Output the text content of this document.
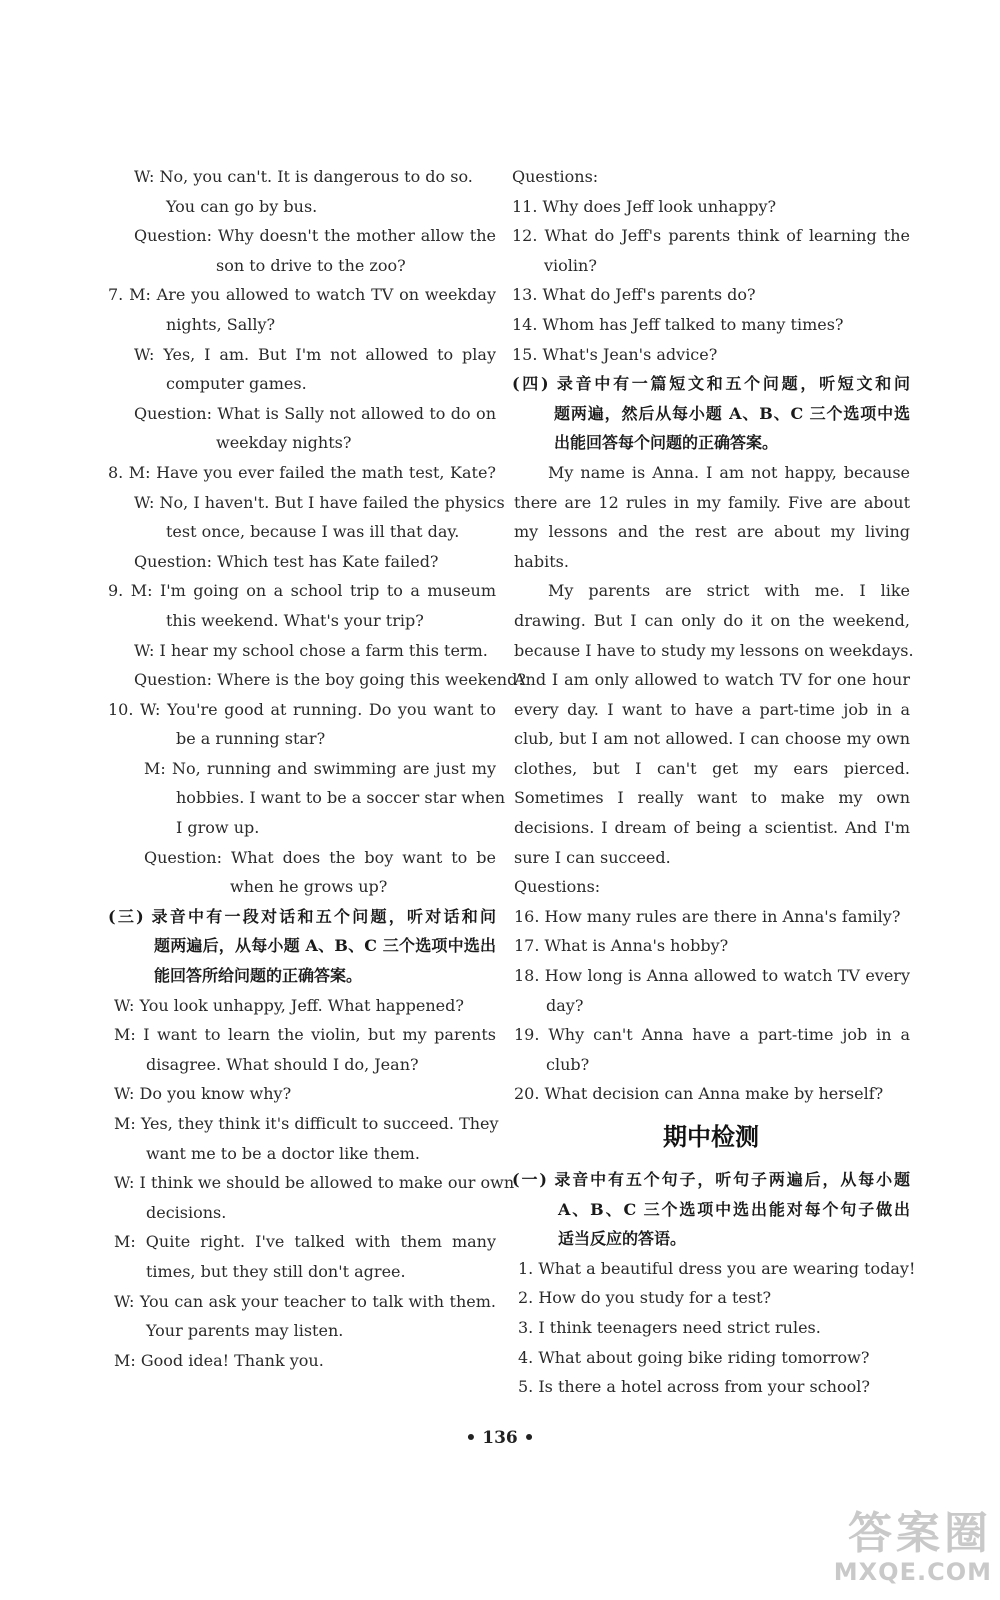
W: No, you can't. It is dangerous to do so.
You can go by bus.
Question: Why doesn't the mother allow the
son to drive to the zoo?
7. M: Are you allowed to watch TV on weekday
nights, Sally?
W: Yes, I am. But I'm not allowed to play
computer games.
Question: What is Sally not allowed to do on
weekday nights?
8. M: Have you ever failed the math test, Kate?
W: No, I haven't. But I have failed the physics
test once, because I was ill that day.
Question: Which test has Kate failed?
9. M: I'm going on a school trip to a museum
this weekend. What's your trip?
W: I hear my school chose a farm this term.
Question: Where is the boy going this weekend?
10. W: You're good at running. Do you want to
be a running star?
M: No, running and swimming are just my
hobbies. I want to be a soccer star when
I grow up.
Question: What does the boy want to be
when he grows up?
(三) 录音中有一段对话和五个问题，听对话和问
题两遍后，从每小题 A、B、C 三个选项中选出
能回答所给问题的正确答案。
W: You look unhappy, Jeff. What happened?
M: I want to learn the violin, but my parents
disagree. What should I do, Jean?
W: Do you know why?
M: Yes, they think it's difficult to succeed. They
want me to be a doctor like them.
W: I think we should be allowed to make our own
decisions.
M: Quite right. I've talked with them many
times, but they still don't agree.
W: You can ask your teacher to talk with them.
Your parents may listen.
M: Good idea! Thank you.
Questions:
11. Why does Jeff look unhappy?
12. What do Jeff's parents think of learning the
violin?
13. What do Jeff's parents do?
14. Whom has Jeff talked to many times?
15. What's Jean's advice?
(四) 录音中有一篇短文和五个问题，听短文和问
题两遍，然后从每小题 A、B、C 三个选项中选
出能回答每个问题的正确答案。
My name is Anna. I am not happy, because
there are 12 rules in my family. Five are about
my lessons and the rest are about my living
habits.
My parents are strict with me. I like
drawing. But I can only do it on the weekend,
because I have to study my lessons on weekdays.
And I am only allowed to watch TV for one hour
every day. I want to have a part-time job in a
club, but I am not allowed. I can choose my own
clothes, but I can't get my ears pierced.
Sometimes I really want to make my own
decisions. I dream of being a scientist. And I'm
sure I can succeed.
Questions:
16. How many rules are there in Anna's family?
17. What is Anna's hobby?
18. How long is Anna allowed to watch TV every
day?
19. Why can't Anna have a part-time job in a
club?
20. What decision can Anna make by herself?
期中检测
(一) 录音中有五个句子，听句子两遍后，从每小题
A、B、C 三个选项中选出能对每个句子做出
适当反应的答语。
1. What a beautiful dress you are wearing today!
2. How do you study for a test?
3. I think teenagers need strict rules.
4. What about going bike riding tomorrow?
5. Is there a hotel across from your school?
• 136 •
答案圈
MXQE.COM
